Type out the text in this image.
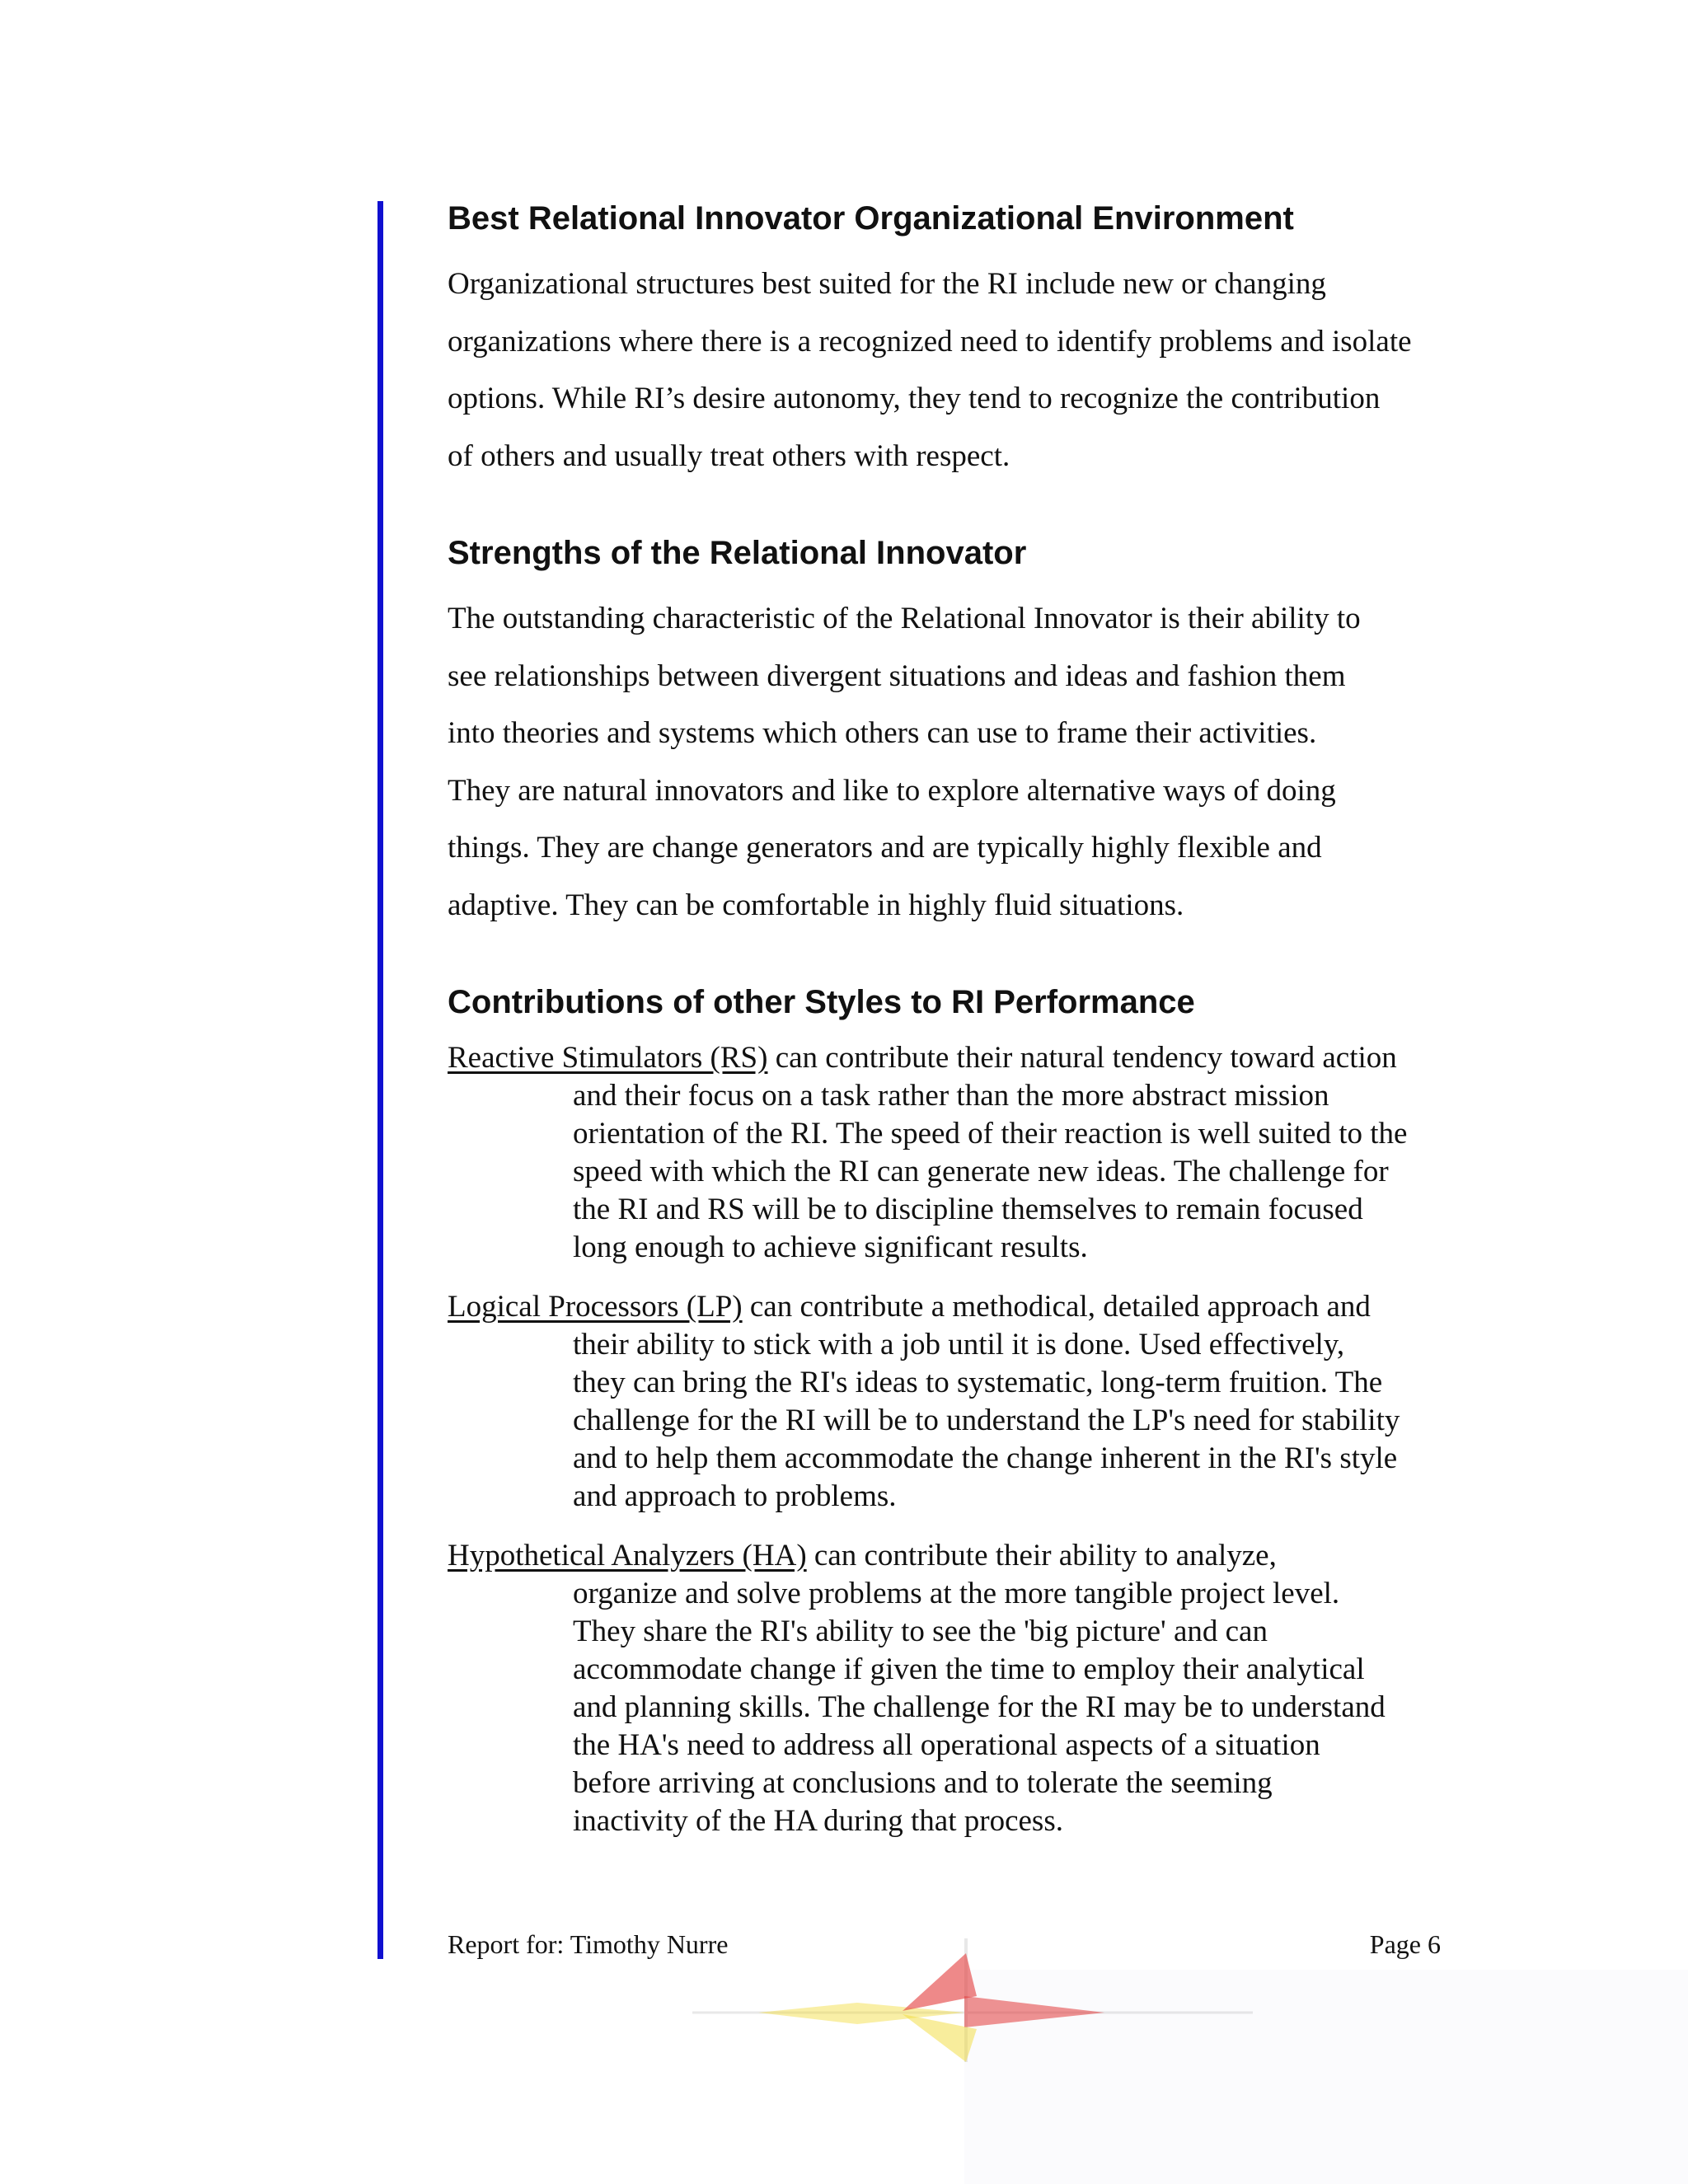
Best Relational Innovator Organizational Environment

Organizational structures best suited for the RI include new or changing
organizations where there is a recognized need to identify problems and isolate
options. While RI’s desire autonomy, they tend to recognize the contribution
of others and usually treat others with respect.

Strengths of the Relational Innovator

The outstanding characteristic of the Relational Innovator is their ability to
see relationships between divergent situations and ideas and fashion them
into theories and systems which others can use to frame their activities.
They are natural innovators and like to explore alternative ways of doing
things. They are change generators and are typically highly flexible and
adaptive. They can be comfortable in highly fluid situations.

Contributions of other Styles to RI Performance

Reactive Stimulators (RS) can contribute their natural tendency toward action
and their focus on a task rather than the more abstract mission
orientation of the RI. The speed of their reaction is well suited to the
speed with which the RI can generate new ideas. The challenge for
the RI and RS will be to discipline themselves to remain focused
long enough to achieve significant results.

Logical Processors (LP) can contribute a methodical, detailed approach and
their ability to stick with a job until it is done. Used effectively,
they can bring the RI's ideas to systematic, long-term fruition. The
challenge for the RI will be to understand the LP's need for stability
and to help them accommodate the change inherent in the RI's style
and approach to problems.

Hypothetical Analyzers (HA) can contribute their ability to analyze,
organize and solve problems at the more tangible project level.
They share the RI's ability to see the 'big picture' and can
accommodate change if given the time to employ their analytical
and planning skills. The challenge for the RI may be to understand
the HA's need to address all operational aspects of a situation
before arriving at conclusions and to tolerate the seeming
inactivity of the HA during that process.

Report for: Timothy Nurre	Page 6
